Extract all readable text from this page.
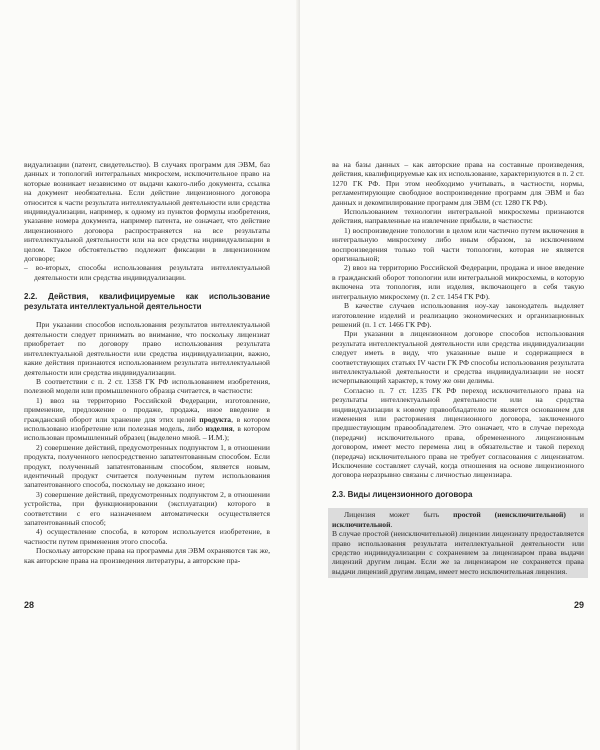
видуализации (патент, свидетельство). В случаях программ для ЭВМ, баз данных и топологий интегральных микросхем, исключительное право на которые возникает независимо от выдачи какого-либо документа, ссылка на документ необязательна. Если действие лицензионного договора относится к части результата интеллектуальной деятельности или средства индивидуализации, например, к одному из пунктов формулы изобретения, указание номера документа, например патента, не означает, что действие лицензионного договора распространяется на все результаты интеллектуальной деятельности или на все средства индивидуализации в целом. Такое обстоятельство подлежит фиксации в лицензионном договоре;

– во-вторых, способы использования результата интеллектуальной деятельности или средства индивидуализации.

2.2. Действия, квалифицируемые как использование результата интеллектуальной деятельности

При указании способов использования результатов интеллектуальной деятельности следует принимать во внимание, что поскольку лицензиат приобретает по договору право использования результата интеллектуальной деятельности или средства индивидуализации, важно, какие действия признаются использованием результата интеллектуальной деятельности или средства индивидуализации.

В соответствии с п. 2 ст. 1358 ГК РФ использованием изобретения, полезной модели или промышленного образца считается, в частности:

1) ввоз на территорию Российской Федерации, изготовление, применение, предложение о продаже, продажа, иное введение в гражданский оборот или хранение для этих целей продукта, в котором использовано изобретение или полезная модель, либо изделия, в котором использован промышленный образец (выделено мной. – И.М.);

2) совершение действий, предусмотренных подпунктом 1, в отношении продукта, полученного непосредственно запатентованным способом. Если продукт, полученный запатентованным способом, является новым, идентичный продукт считается полученным путем использования запатентованного способа, поскольку не доказано иное;

3) совершение действий, предусмотренных подпунктом 2, в отношении устройства, при функционировании (эксплуатации) которого в соответствии с его назначением автоматически осуществляется запатентованный способ;

4) осуществление способа, в котором используется изобретение, в частности путем применения этого способа.

Поскольку авторские права на программы для ЭВМ охраняются так же, как авторские права на произведения литературы, а авторские пра-

28

ва на базы данных – как авторские права на составные произведения, действия, квалифицируемые как их использование, характеризуются в п. 2 ст. 1270 ГК РФ. При этом необходимо учитывать, в частности, нормы, регламентирующие свободное воспроизведение программ для ЭВМ и баз данных и декомпилирование программ для ЭВМ (ст. 1280 ГК РФ).

Использованием технологии интегральной микросхемы признаются действия, направленные на извлечение прибыли, в частности:

1) воспроизведение топологии в целом или частично путем включения в интегральную микросхему либо иным образом, за исключением воспроизведения только той части топологии, которая не является оригинальной;

2) ввоз на территорию Российской Федерации, продажа и иное введение в гражданский оборот топологии или интегральной микросхемы, в которую включена эта топология, или изделия, включающего в себя такую интегральную микросхему (п. 2 ст. 1454 ГК РФ).

В качестве случаев использования ноу-хау законодатель выделяет изготовление изделий и реализацию экономических и организационных решений (п. 1 ст. 1466 ГК РФ).

При указании в лицензионном договоре способов использования результата интеллектуальной деятельности или средства индивидуализации следует иметь в виду, что указанные выше и содержащиеся в соответствующих статьях IV части ГК РФ способы использования результата интеллектуальной деятельности и средства индивидуализации не носят исчерпывающий характер, к тому же они делимы.

Согласно п. 7 ст. 1235 ГК РФ переход исключительного права на результаты интеллектуальной деятельности или на средства индивидуализации к новому правообладателю не является основанием для изменения или расторжения лицензионного договора, заключенного предшествующим правообладателем. Это означает, что в случае перехода (передачи) исключительного права, обремененного лицензионным договором, имеет место перемена лиц в обязательстве и такой переход (передача) исключительного права не требует согласования с лицензиатом. Исключение составляет случай, когда отношения на основе лицензионного договора неразрывно связаны с личностью лицензиара.

2.3. Виды лицензионного договора

Лицензия может быть простой (неисключительной) и исключительной.

В случае простой (неисключительной) лицензии лицензиату предоставляется право использования результата интеллектуальной деятельности или средство индивидуализации с сохранением за лицензиаром права выдачи лицензий другим лицам. Если же за лицензиаром не сохраняется права выдачи лицензий другим лицам, имеет место исключительная лицензия.

29
